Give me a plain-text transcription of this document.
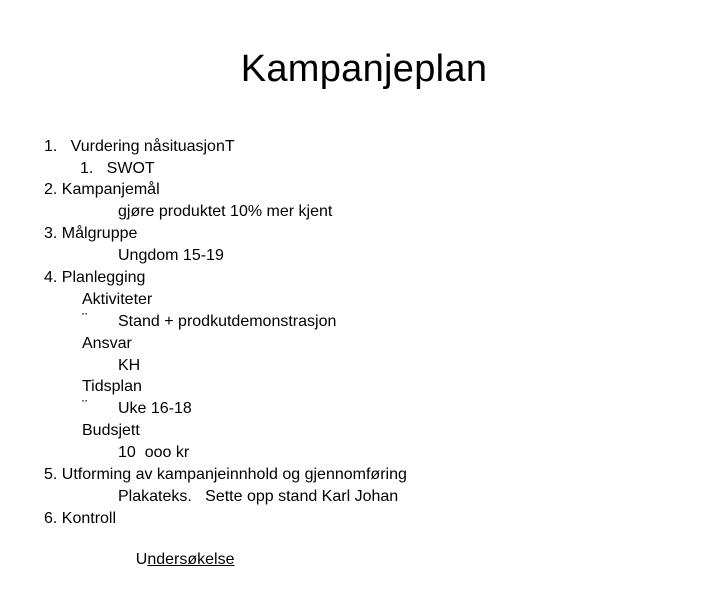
Kampanjeplan
1.   Vurdering nåsituasjonT
1.   SWOT
2. Kampanjemål
gjøre produktet 10% mer kjent
3. Målgruppe
Ungdom 15-19
4. Planlegging
Aktiviteter
¨ Stand + prodkutdemonstrasjon
Ansvar
KH
Tidsplan
¨ Uke 16-18
Budsjett
10  ooo kr
5. Utforming av kampanjeinnhold og gjennomføring
Plakateks.   Sette opp stand Karl Johan
6. Kontroll

Undersøkelse
